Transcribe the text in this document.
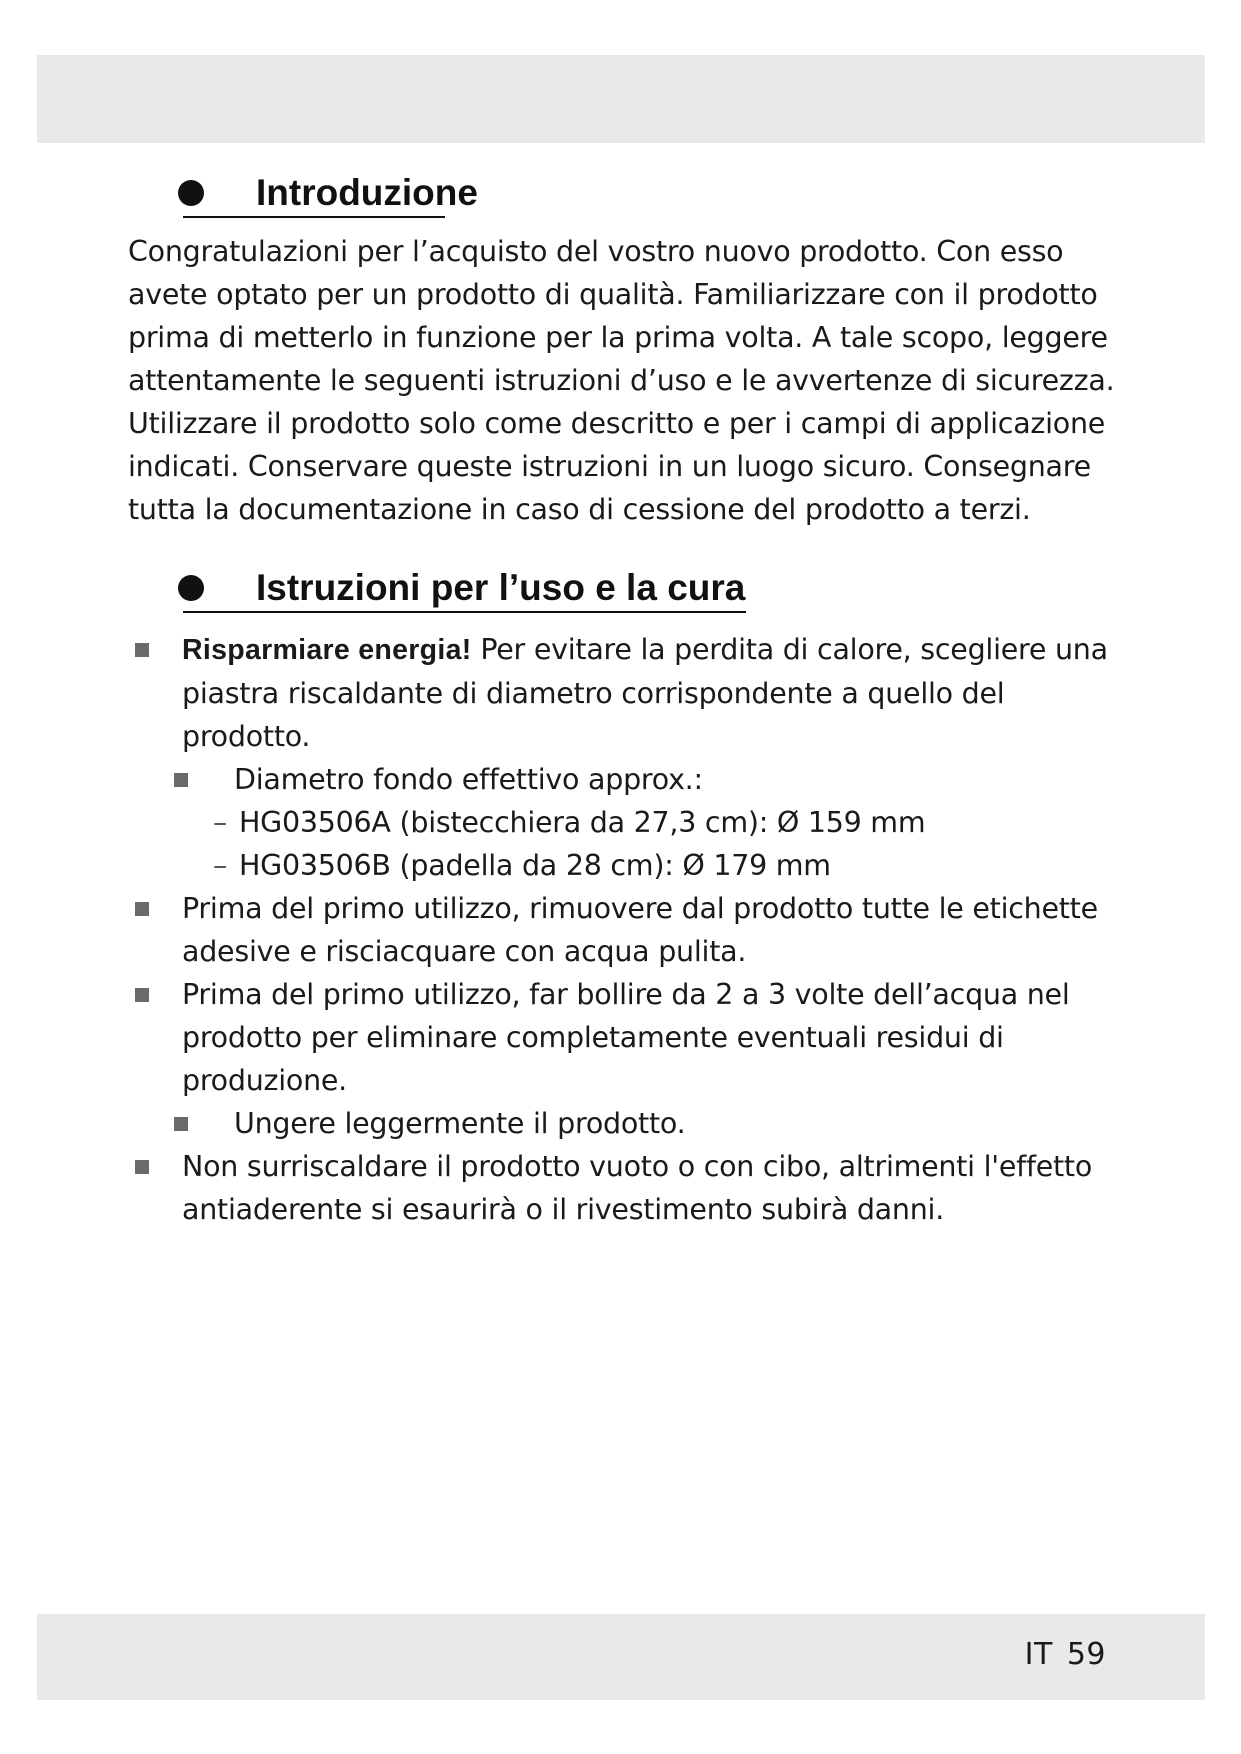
Introduzione

Congratulazioni per l’acquisto del vostro nuovo prodotto. Con esso avete optato per un prodotto di qualità. Familiarizzare con il prodotto prima di metterlo in funzione per la prima volta. A tale scopo, leggere attentamente le seguenti istruzioni d’uso e le avvertenze di sicurezza. Utilizzare il prodotto solo come descritto e per i campi di applicazione indicati. Conservare queste istruzioni in un luogo sicuro. Consegnare tutta la documentazione in caso di cessione del prodotto a terzi.

Istruzioni per l’uso e la cura
Risparmiare energia! Per evitare la perdita di calore, scegliere una piastra riscaldante di diametro corrispondente a quello del prodotto.
Diametro fondo effettivo approx.:
– HG03506A (bistecchiera da 27,3 cm): Ø 159 mm
– HG03506B (padella da 28 cm): Ø 179 mm
Prima del primo utilizzo, rimuovere dal prodotto tutte le etichette adesive e risciacquare con acqua pulita.
Prima del primo utilizzo, far bollire da 2 a 3 volte dell’acqua nel prodotto per eliminare completamente eventuali residui di produzione.
Ungere leggermente il prodotto.
Non surriscaldare il prodotto vuoto o con cibo, altrimenti l'effetto antiaderente si esaurirà o il rivestimento subirà danni.
IT 59
